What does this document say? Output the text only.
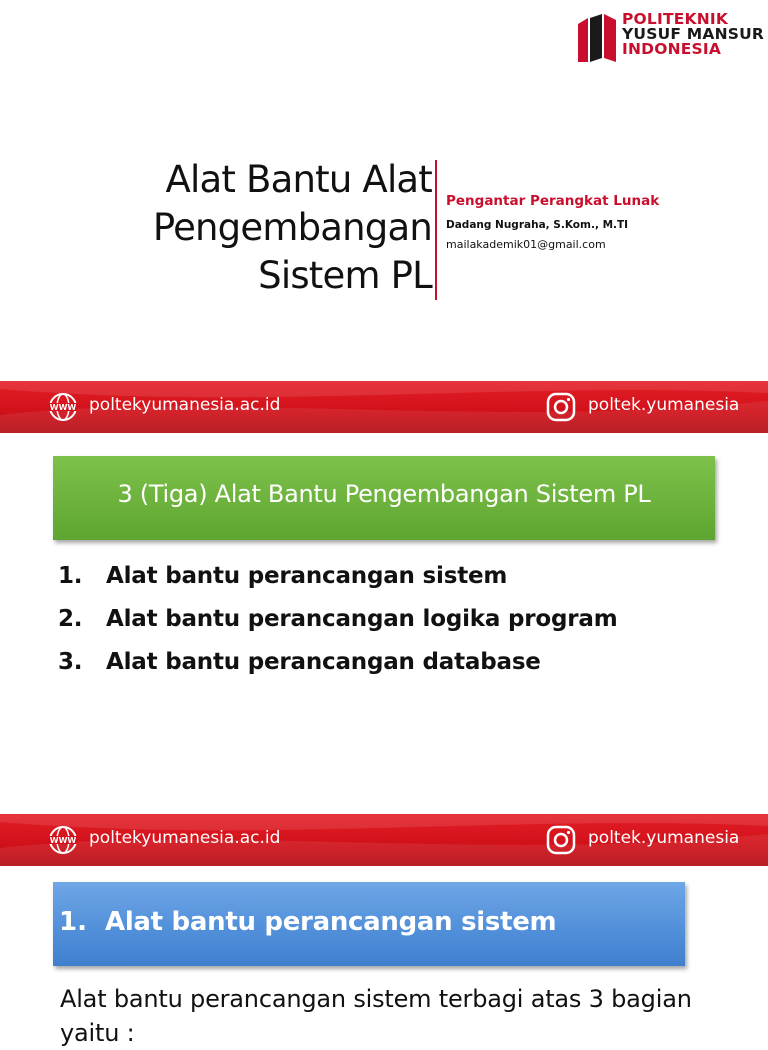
POLITEKNIK
YUSUF MANSUR
INDONESIA
Alat Bantu Alat
Pengembangan
Sistem PL
Pengantar Perangkat Lunak
Dadang Nugraha, S.Kom., M.TI
mailakademik01@gmail.com
WWW poltekyumanesia.ac.id	poltek.yumanesia
3 (Tiga) Alat Bantu Pengembangan Sistem PL
1. Alat bantu perancangan sistem
2. Alat bantu perancangan logika program
3. Alat bantu perancangan database
WWW poltekyumanesia.ac.id	poltek.yumanesia
1. Alat bantu perancangan sistem
Alat bantu perancangan sistem terbagi atas 3 bagian yaitu :
